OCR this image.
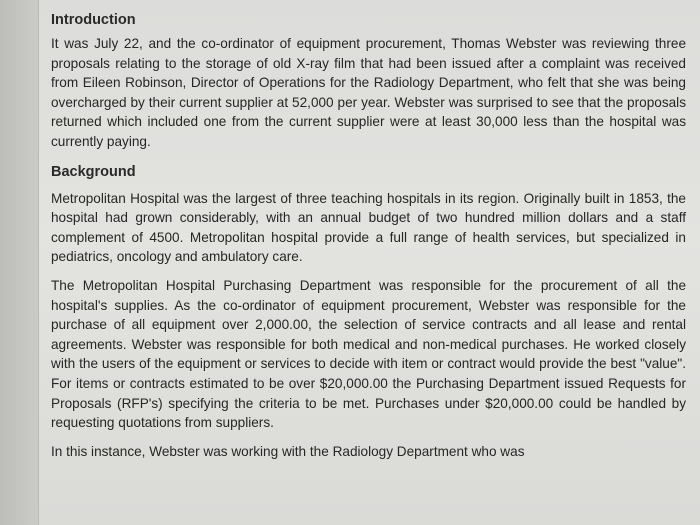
Introduction

It was July 22, and the co-ordinator of equipment procurement, Thomas Webster was reviewing three proposals relating to the storage of old X-ray film that had been issued after a complaint was received from Eileen Robinson, Director of Operations for the Radiology Department, who felt that she was being overcharged by their current supplier at 52,000 per year. Webster was surprised to see that the proposals returned which included one from the current supplier were at least 30,000 less than the hospital was currently paying.

Background

Metropolitan Hospital was the largest of three teaching hospitals in its region. Originally built in 1853, the hospital had grown considerably, with an annual budget of two hundred million dollars and a staff complement of 4500. Metropolitan hospital provide a full range of health services, but specialized in pediatrics, oncology and ambulatory care.

The Metropolitan Hospital Purchasing Department was responsible for the procurement of all the hospital's supplies. As the co-ordinator of equipment procurement, Webster was responsible for the purchase of all equipment over 2,000.00, the selection of service contracts and all lease and rental agreements. Webster was responsible for both medical and non-medical purchases. He worked closely with the users of the equipment or services to decide with item or contract would provide the best "value". For items or contracts estimated to be over $20,000.00 the Purchasing Department issued Requests for Proposals (RFP's) specifying the criteria to be met. Purchases under $20,000.00 could be handled by requesting quotations from suppliers.

In this instance, Webster was working with the Radiology Department who was
